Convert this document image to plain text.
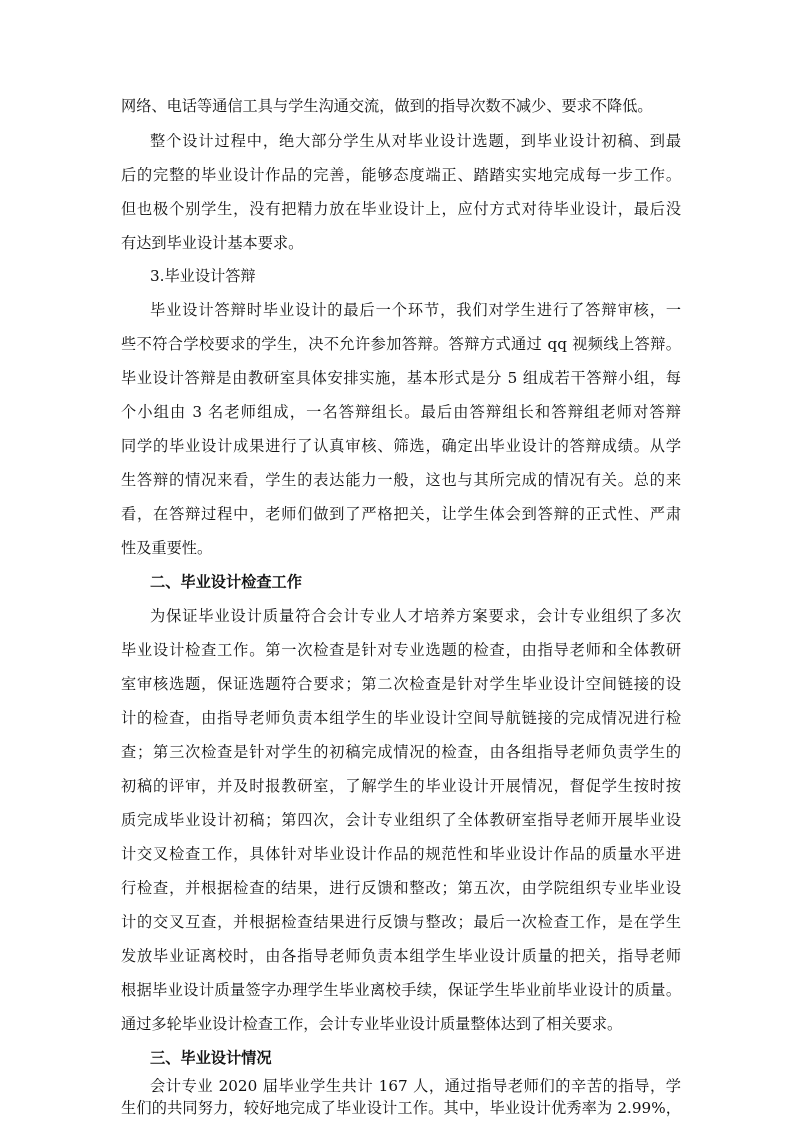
网络、电话等通信工具与学生沟通交流，做到的指导次数不减少、要求不降低。
整个设计过程中，绝大部分学生从对毕业设计选题，到毕业设计初稿、到最
后的完整的毕业设计作品的完善，能够态度端正、踏踏实实地完成每一步工作。
但也极个别学生，没有把精力放在毕业设计上，应付方式对待毕业设计，最后没
有达到毕业设计基本要求。
3.毕业设计答辩
毕业设计答辩时毕业设计的最后一个环节，我们对学生进行了答辩审核，一
些不符合学校要求的学生，决不允许参加答辩。答辩方式通过 qq 视频线上答辩。
毕业设计答辩是由教研室具体安排实施，基本形式是分 5 组成若干答辩小组，每
个小组由 3 名老师组成，一名答辩组长。最后由答辩组长和答辩组老师对答辩
同学的毕业设计成果进行了认真审核、筛选，确定出毕业设计的答辩成绩。从学
生答辩的情况来看，学生的表达能力一般，这也与其所完成的情况有关。总的来
看，在答辩过程中，老师们做到了严格把关，让学生体会到答辩的正式性、严肃
性及重要性。
二、毕业设计检查工作
为保证毕业设计质量符合会计专业人才培养方案要求，会计专业组织了多次
毕业设计检查工作。第一次检查是针对专业选题的检查，由指导老师和全体教研
室审核选题，保证选题符合要求；第二次检查是针对学生毕业设计空间链接的设
计的检查，由指导老师负责本组学生的毕业设计空间导航链接的完成情况进行检
查；第三次检查是针对学生的初稿完成情况的检查，由各组指导老师负责学生的
初稿的评审，并及时报教研室，了解学生的毕业设计开展情况，督促学生按时按
质完成毕业设计初稿；第四次，会计专业组织了全体教研室指导老师开展毕业设
计交叉检查工作，具体针对毕业设计作品的规范性和毕业设计作品的质量水平进
行检查，并根据检查的结果，进行反馈和整改；第五次，由学院组织专业毕业设
计的交叉互查，并根据检查结果进行反馈与整改；最后一次检查工作，是在学生
发放毕业证离校时，由各指导老师负责本组学生毕业设计质量的把关，指导老师
根据毕业设计质量签字办理学生毕业离校手续，保证学生毕业前毕业设计的质量。
通过多轮毕业设计检查工作，会计专业毕业设计质量整体达到了相关要求。
三、毕业设计情况
会计专业 2020 届毕业学生共计 167 人，通过指导老师们的辛苦的指导，学
生们的共同努力，较好地完成了毕业设计工作。其中，毕业设计优秀率为 2.99%，
